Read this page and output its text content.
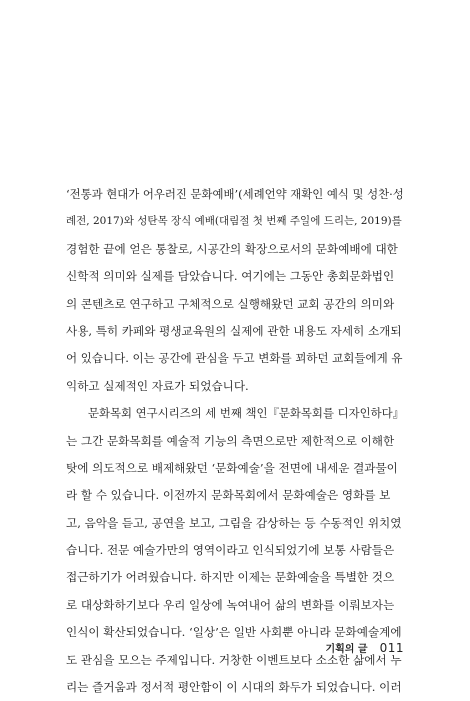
‘전통과 현대가 어우러진 문화예배’(세례언약 재확인 예식 및 성찬·성
례전, 2017)와 성탄목 장식 예배(대림절 첫 번째 주일에 드리는, 2019)를
경험한 끝에 얻은 통찰로, 시공간의 확장으로서의 문화예배에 대한
신학적 의미와 실제를 담았습니다. 여기에는 그동안 총회문화법인
의 콘텐츠로 연구하고 구체적으로 실행해왔던 교회 공간의 의미와
사용, 특히 카페와 평생교육원의 실제에 관한 내용도 자세히 소개되
어 있습니다. 이는 공간에 관심을 두고 변화를 꾀하던 교회들에게 유
익하고 실제적인 자료가 되었습니다.
문화목회 연구시리즈의 세 번째 책인『문화목회를 디자인하다』
는 그간 문화목회를 예술적 기능의 측면으로만 제한적으로 이해한
탓에 의도적으로 배제해왔던 ‘문화예술’을 전면에 내세운 결과물이
라 할 수 있습니다. 이전까지 문화목회에서 문화예술은 영화를 보
고, 음악을 듣고, 공연을 보고, 그림을 감상하는 등 수동적인 위치였
습니다. 전문 예술가만의 영역이라고 인식되었기에 보통 사람들은
접근하기가 어려웠습니다. 하지만 이제는 문화예술을 특별한 것으
로 대상화하기보다 우리 일상에 녹여내어 삶의 변화를 이뤄보자는
인식이 확산되었습니다. ‘일상’은 일반 사회뿐 아니라 문화예술계에
도 관심을 모으는 주제입니다. 거창한 이벤트보다 소소한 삶에서 누
리는 즐거움과 정서적 평안함이 이 시대의 화두가 되었습니다. 이러
기획의 글 011
